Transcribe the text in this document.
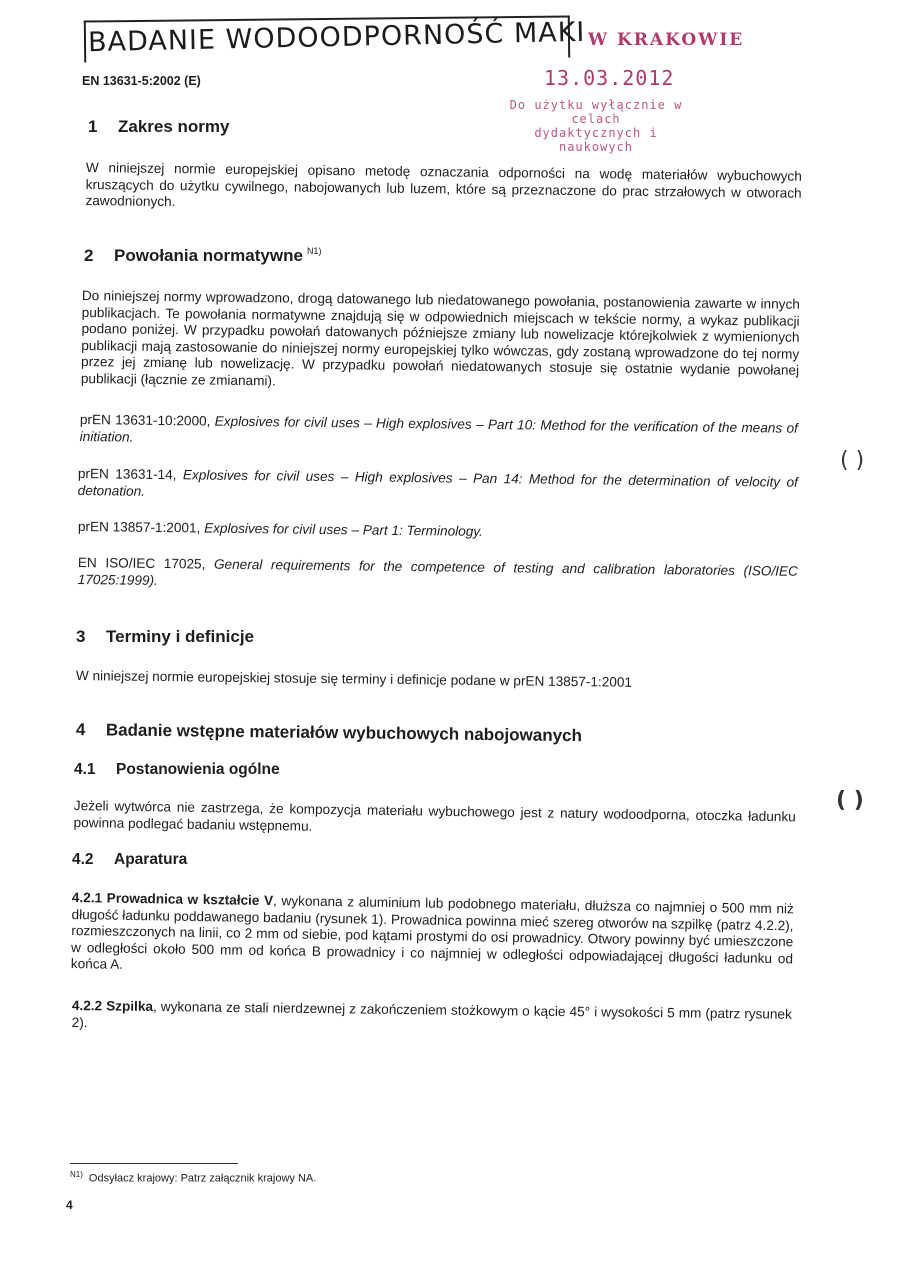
BADANIE WODOODPORNOŚĆ MAKI W KRAKOWIE
13.03.2012
Do użytku wyłącznie w celach
dydaktycznych i naukowych
EN 13631-5:2002 (E)
1 Zakres normy

W niniejszej normie europejskiej opisano metodę oznaczania odporności na wodę materiałów wybuchowych kruszących do użytku cywilnego, nabojowanych lub luzem, które są przeznaczone do prac strzałowych w otworach zawodnionych.

2 Powołania normatywne $^{N1)}$

Do niniejszej normy wprowadzono, drogą datowanego lub niedatowanego powołania, postanowienia zawarte w innych publikacjach. Te powołania normatywne znajdują się w odpowiednich miejscach w tekście normy, a wykaz publikacji podano poniżej. W przypadku powołań datowanych późniejsze zmiany lub nowelizacje którejkolwiek z wymienionych publikacji mają zastosowanie do niniejszej normy europejskiej tylko wówczas, gdy zostaną wprowadzone do tej normy przez jej zmianę lub nowelizację. W przypadku powołań niedatowanych stosuje się ostatnie wydanie powołanej publikacji (łącznie ze zmianami).

prEN 13631-10:2000, Explosives for civil uses – High explosives – Part 10: Method for the verification of the means of initiation.

prEN 13631-14, Explosives for civil uses – High explosives – Pan 14: Method for the determination of velocity of detonation.

prEN 13857-1:2001, Explosives for civil uses – Part 1: Terminology.

EN ISO/IEC 17025, General requirements for the competence of testing and calibration laboratories (ISO/IEC 17025:1999).

3 Terminy i definicje

W niniejszej normie europejskiej stosuje się terminy i definicje podane w prEN 13857-1:2001

4 Badanie wstępne materiałów wybuchowych nabojowanych
4.1 Postanowienia ogólne

Jeżeli wytwórca nie zastrzega, że kompozycja materiału wybuchowego jest z natury wodoodporna, otoczka ładunku powinna podlegać badaniu wstępnemu.

4.2 Aparatura

4.2.1 Prowadnica w kształcie V, wykonana z aluminium lub podobnego materiału, dłuższa co najmniej o 500 mm niż długość ładunku poddawanego badaniu (rysunek 1). Prowadnica powinna mieć szereg otworów na szpilkę (patrz 4.2.2), rozmieszczonych na linii, co 2 mm od siebie, pod kątami prostymi do osi prowadnicy. Otwory powinny być umieszczone w odległości około 500 mm od końca B prowadnicy i co najmniej w odległości odpowiadającej długości ładunku od końca A.

4.2.2 Szpilka, wykonana ze stali nierdzewnej z zakończeniem stożkowym o kącie 45° i wysokości 5 mm (patrz rysunek 2).

( )
( )
$^{N1)}$ Odsyłacz krajowy: Patrz załącznik krajowy NA.
4
